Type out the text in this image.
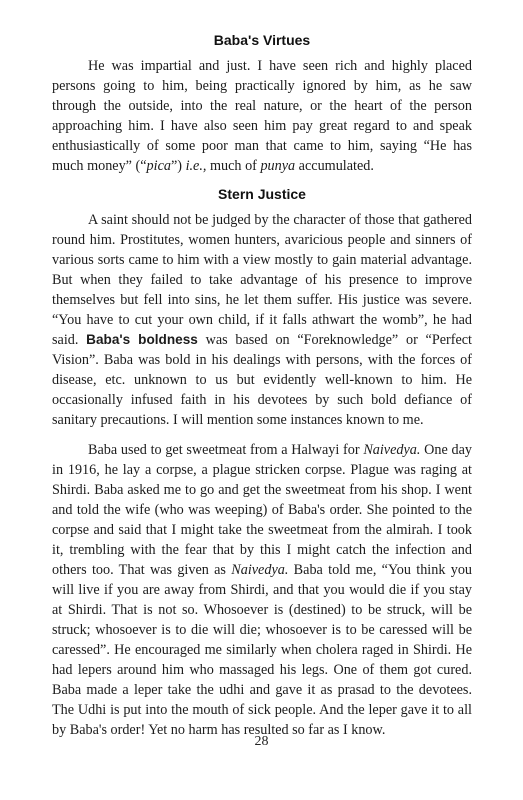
Baba's Virtues

He was impartial and just. I have seen rich and highly placed persons going to him, being practically ignored by him, as he saw through the outside, into the real nature, or the heart of the person approaching him. I have also seen him pay great regard to and speak enthusiastically of some poor man that came to him, saying “He has much money” (“pica”) i.e., much of punya accumulated.

Stern Justice

A saint should not be judged by the character of those that gathered round him. Prostitutes, women hunters, avaricious people and sinners of various sorts came to him with a view mostly to gain material advantage. But when they failed to take advantage of his presence to improve themselves but fell into sins, he let them suffer. His justice was severe. “You have to cut your own child, if it falls athwart the womb”, he had said. Baba's boldness was based on “Foreknowledge” or “Perfect Vision”. Baba was bold in his dealings with persons, with the forces of disease, etc. unknown to us but evidently well-known to him. He occasionally infused faith in his devotees by such bold defiance of sanitary precautions. I will mention some instances known to me.

Baba used to get sweetmeat from a Halwayi for Naivedya. One day in 1916, he lay a corpse, a plague stricken corpse. Plague was raging at Shirdi. Baba asked me to go and get the sweetmeat from his shop. I went and told the wife (who was weeping) of Baba's order. She pointed to the corpse and said that I might take the sweetmeat from the almirah. I took it, trembling with the fear that by this I might catch the infection and others too. That was given as Naivedya. Baba told me, “You think you will live if you are away from Shirdi, and that you would die if you stay at Shirdi. That is not so. Whosoever is (destined) to be struck, will be struck; whosoever is to die will die; whosoever is to be caressed will be caressed”. He encouraged me similarly when cholera raged in Shirdi. He had lepers around him who massaged his legs. One of them got cured. Baba made a leper take the udhi and gave it as prasad to the devotees. The Udhi is put into the mouth of sick people. And the leper gave it to all by Baba's order! Yet no harm has resulted so far as I know.

28
